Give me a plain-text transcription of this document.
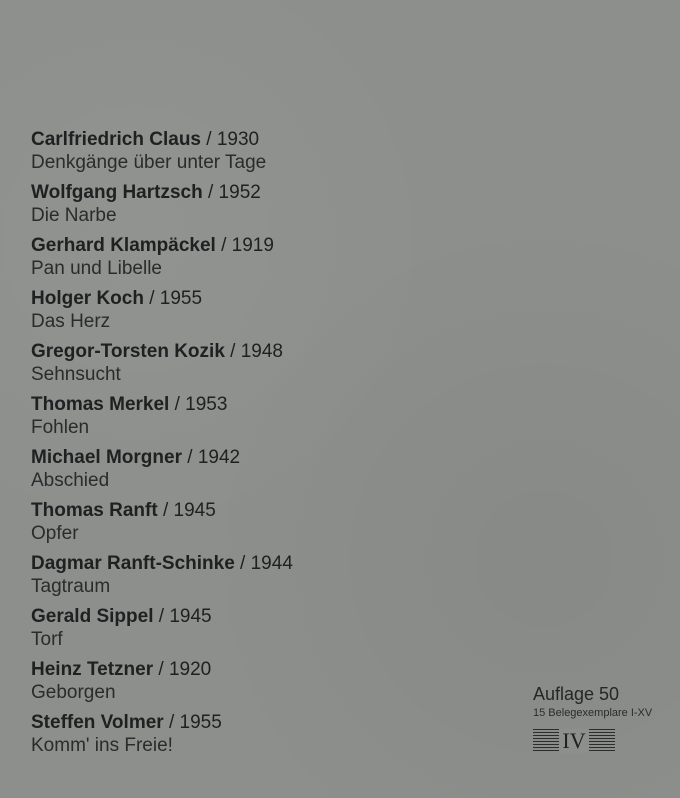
Carlfriedrich Claus / 1930
Denkgänge über unter Tage
Wolfgang Hartzsch / 1952
Die Narbe
Gerhard Klampäckel / 1919
Pan und Libelle
Holger Koch / 1955
Das Herz
Gregor-Torsten Kozik / 1948
Sehnsucht
Thomas Merkel / 1953
Fohlen
Michael Morgner / 1942
Abschied
Thomas Ranft / 1945
Opfer
Dagmar Ranft-Schinke / 1944
Tagtraum
Gerald Sippel / 1945
Torf
Heinz Tetzner / 1920
Geborgen
Steffen Volmer / 1955
Komm' ins Freie!
Auflage 50
15 Belegexemplare I-XV
IV
